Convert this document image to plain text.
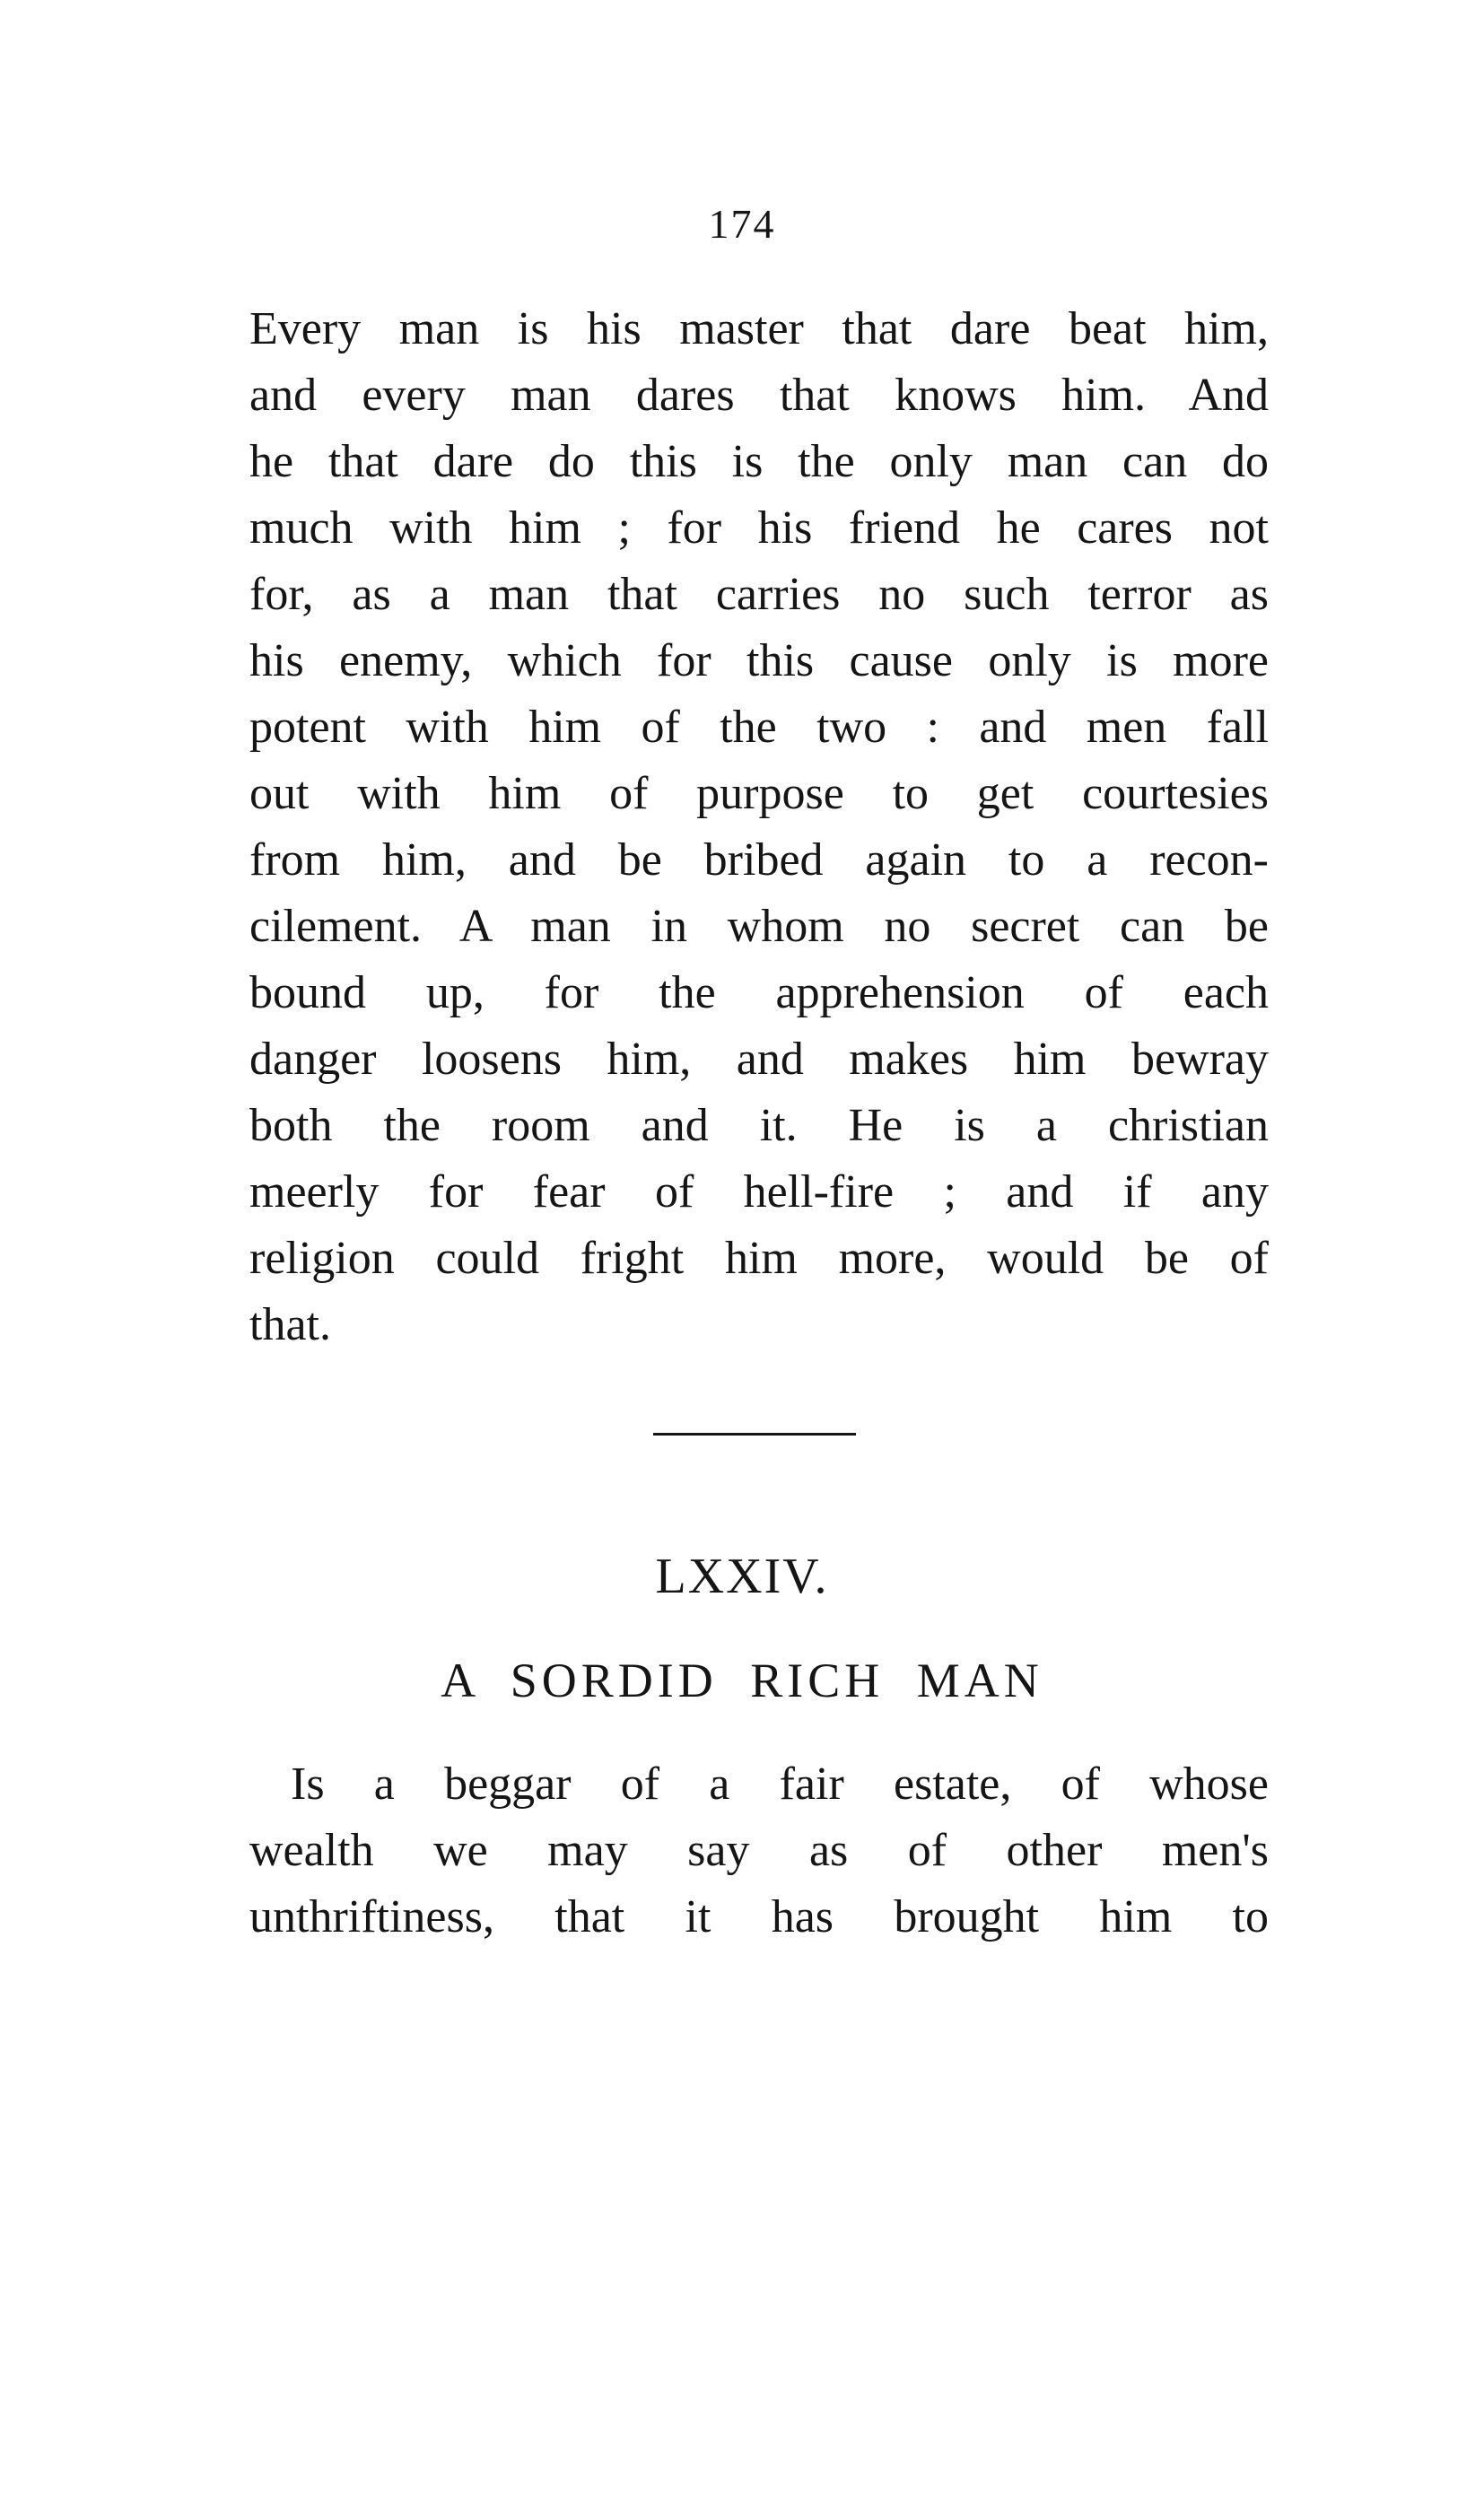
174
Every man is his master that dare beat him,
and every man dares that knows him. And
he that dare do this is the only man can do
much with him ; for his friend he cares not
for, as a man that carries no such terror as
his enemy, which for this cause only is more
potent with him of the two : and men fall
out with him of purpose to get courtesies
from him, and be bribed again to a recon-
cilement. A man in whom no secret can be
bound up, for the apprehension of each
danger loosens him, and makes him bewray
both the room and it. He is a christian
meerly for fear of hell-fire ; and if any
religion could fright him more, would be of
that.
LXXIV.
A SORDID RICH MAN
Is a beggar of a fair estate, of whose
wealth we may say as of other men's
unthriftiness, that it has brought him to
